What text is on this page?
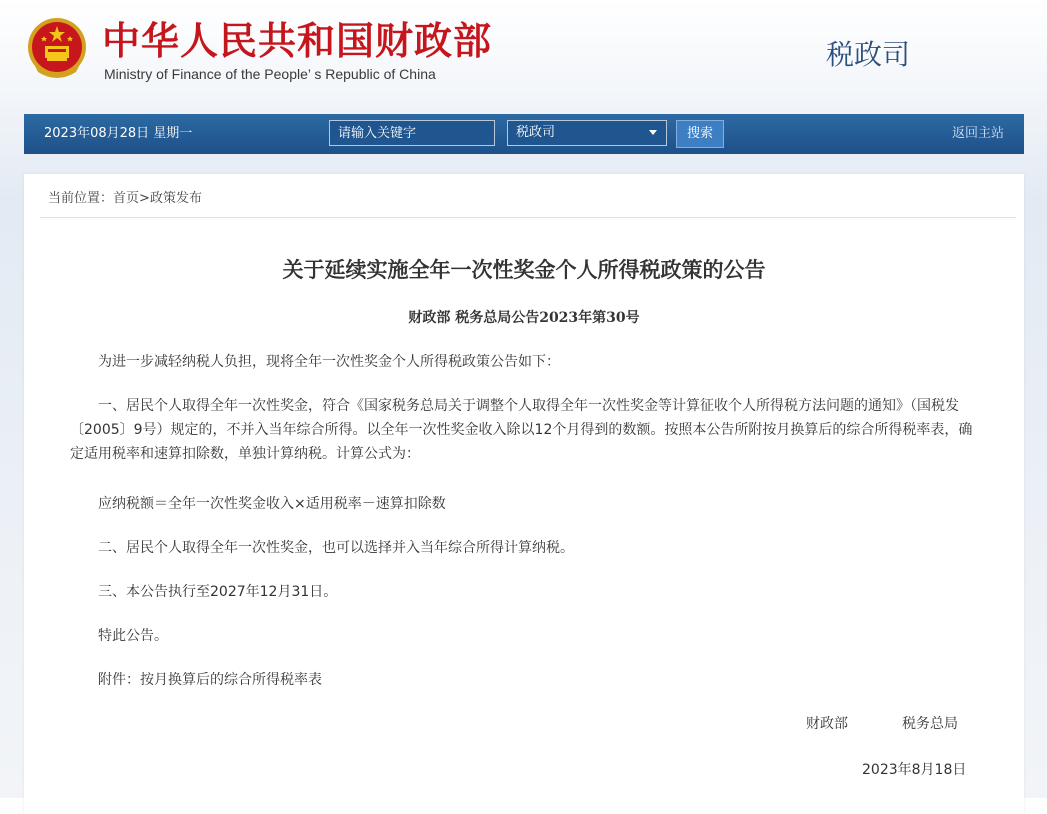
中华人民共和国财政部
Ministry of Finance of the People’ s Republic of China
税政司
2023年08月28日 星期一
请输入关键字	税政司	搜索	返回主站
当前位置：首页>政策发布
关于延续实施全年一次性奖金个人所得税政策的公告
财政部 税务总局公告2023年第30号
为进一步减轻纳税人负担，现将全年一次性奖金个人所得税政策公告如下：
一、居民个人取得全年一次性奖金，符合《国家税务总局关于调整个人取得全年一次性奖金等计算征收个人所得税方法问题的通知》（国税发〔2005〕9号）规定的，不并入当年综合所得。以全年一次性奖金收入除以12个月得到的数额。按照本公告所附按月换算后的综合所得税率表，确定适用税率和速算扣除数，单独计算纳税。计算公式为：
应纳税额＝全年一次性奖金收入×适用税率－速算扣除数
二、居民个人取得全年一次性奖金，也可以选择并入当年综合所得计算纳税。
三、本公告执行至2027年12月31日。
特此公告。
附件：按月换算后的综合所得税率表
财政部	税务总局
2023年8月18日
